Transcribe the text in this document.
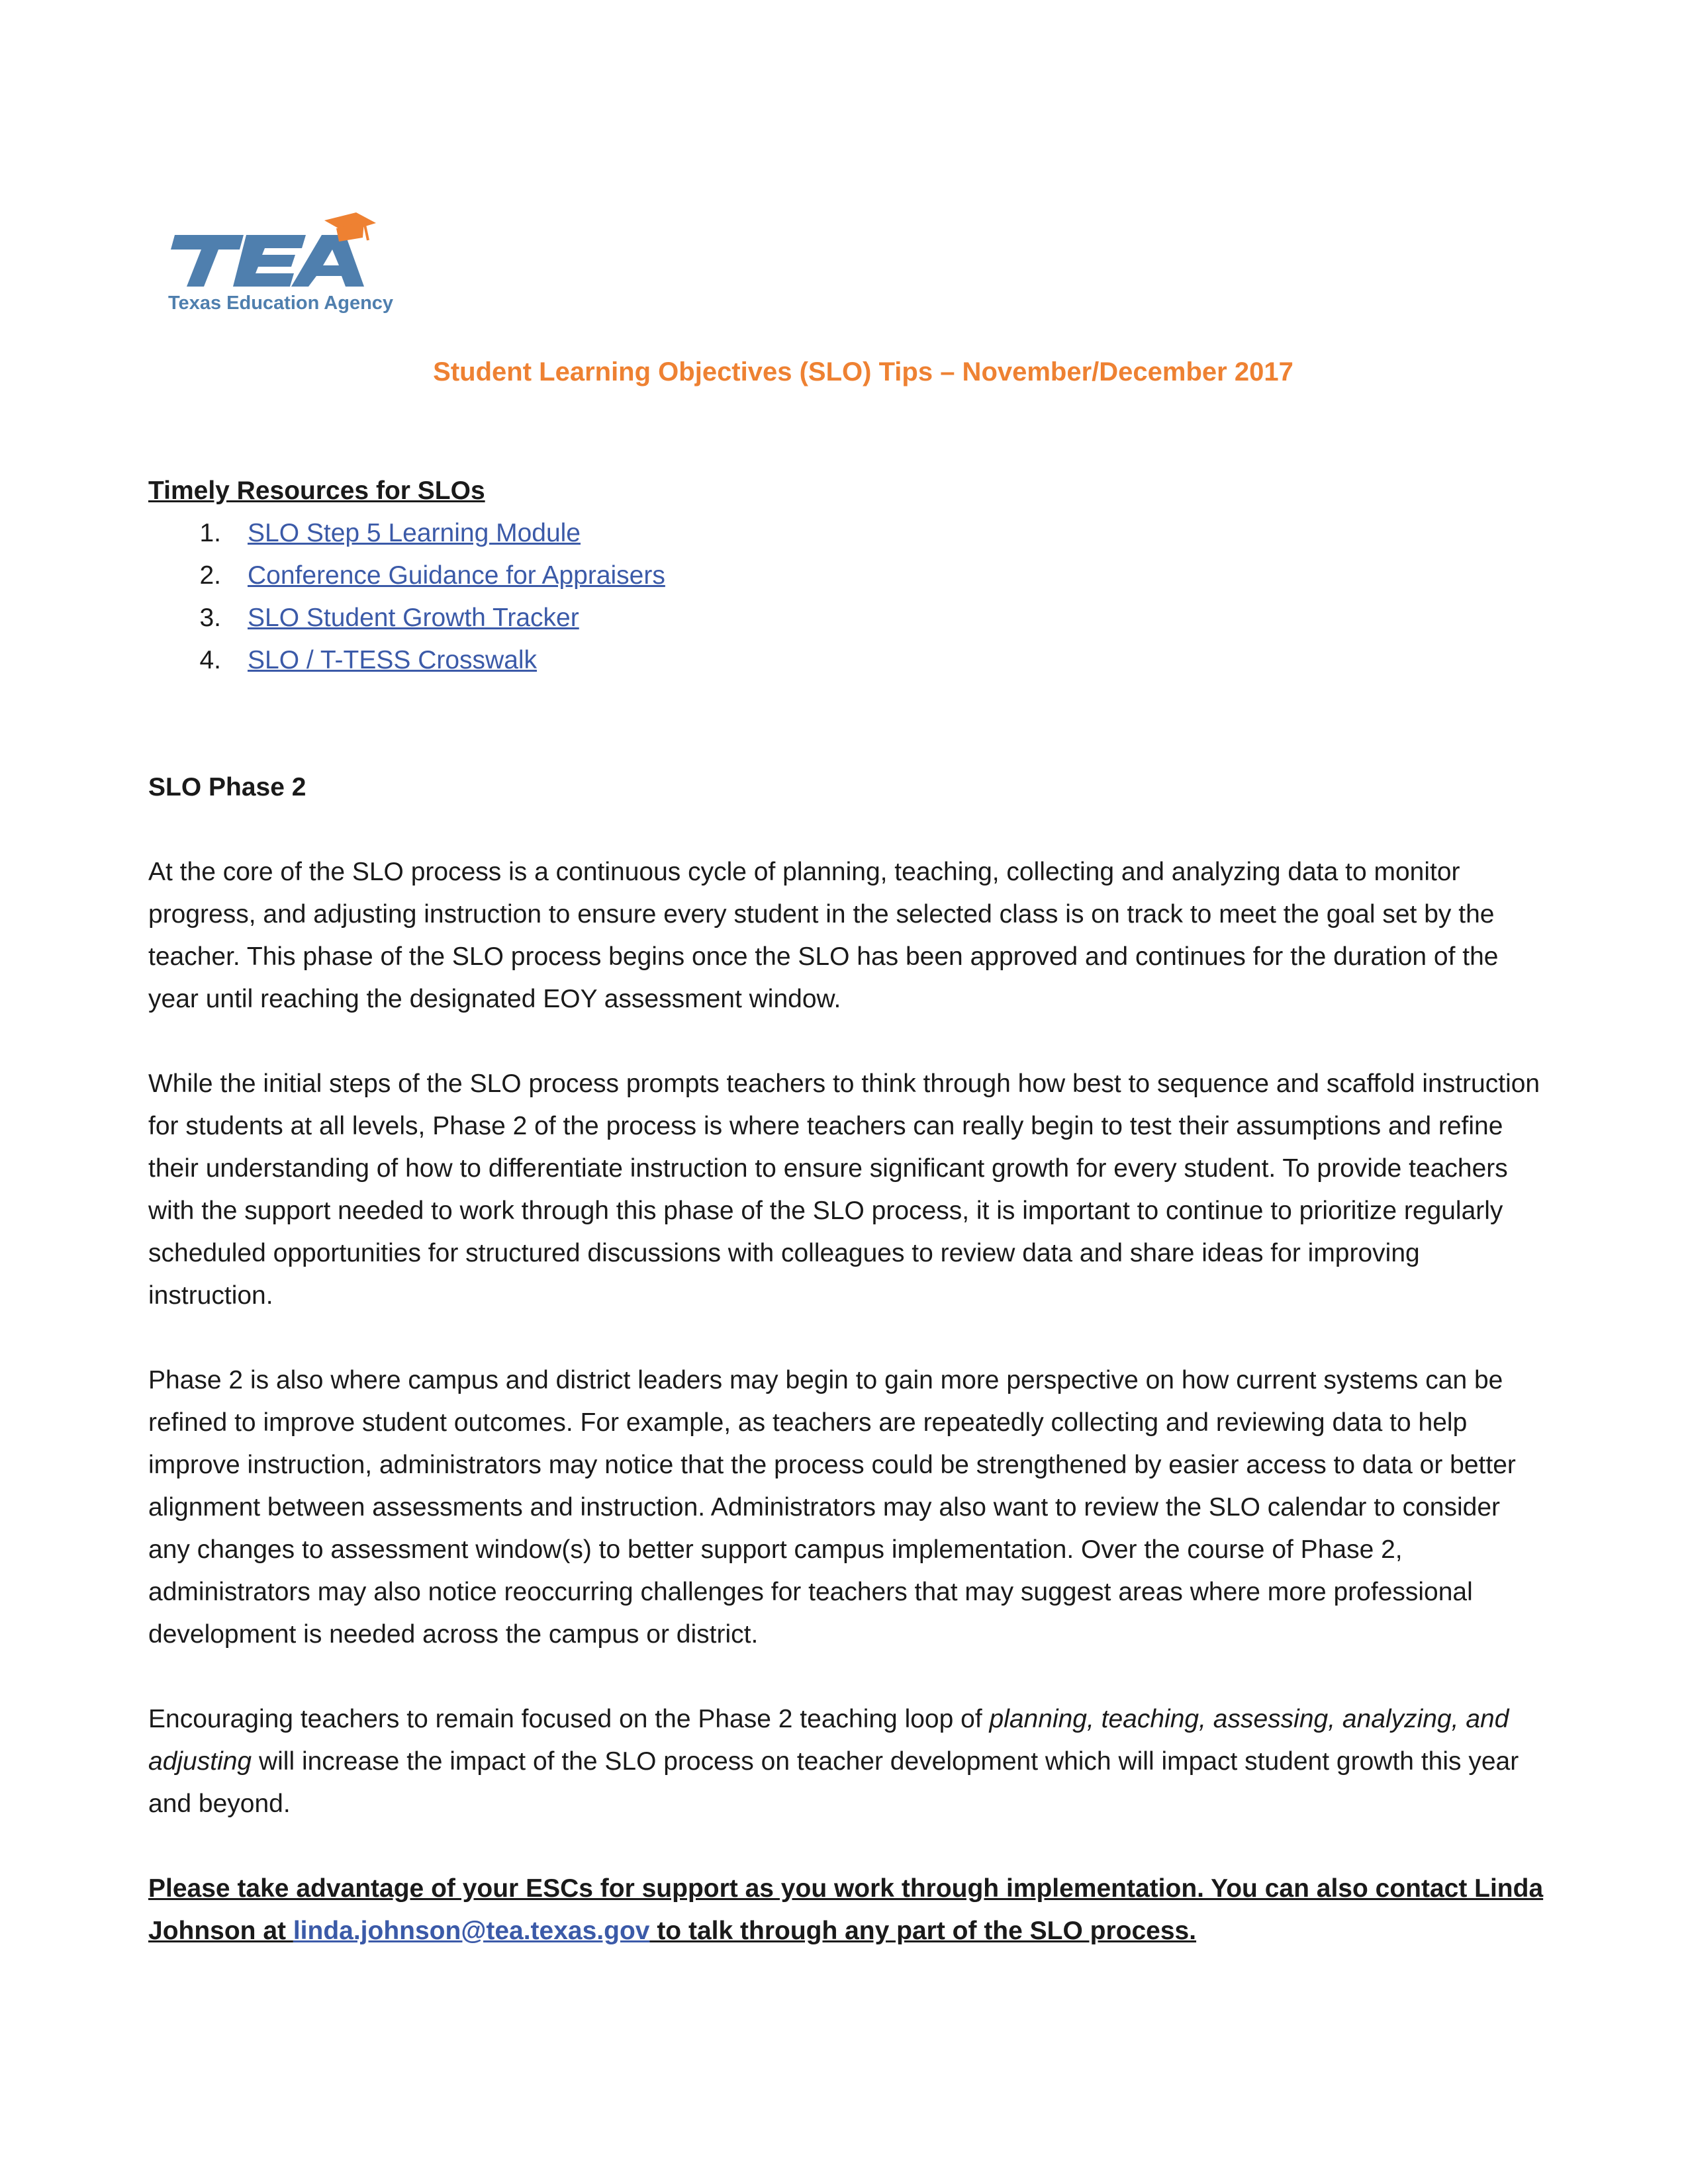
Texas Education Agency
Student Learning Objectives (SLO) Tips – November/December 2017

Timely Resources for SLOs

1.	SLO Step 5 Learning Module
2.	Conference Guidance for Appraisers
3.	SLO Student Growth Tracker
4.	SLO / T-TESS Crosswalk

SLO Phase 2

At the core of the SLO process is a continuous cycle of planning, teaching, collecting and analyzing data to monitor progress, and adjusting instruction to ensure every student in the selected class is on track to meet the goal set by the teacher. This phase of the SLO process begins once the SLO has been approved and continues for the duration of the year until reaching the designated EOY assessment window.

While the initial steps of the SLO process prompts teachers to think through how best to sequence and scaffold instruction for students at all levels, Phase 2 of the process is where teachers can really begin to test their assumptions and refine their understanding of how to differentiate instruction to ensure significant growth for every student. To provide teachers with the support needed to work through this phase of the SLO process, it is important to continue to prioritize regularly scheduled opportunities for structured discussions with colleagues to review data and share ideas for improving instruction.

Phase 2 is also where campus and district leaders may begin to gain more perspective on how current systems can be refined to improve student outcomes. For example, as teachers are repeatedly collecting and reviewing data to help improve instruction, administrators may notice that the process could be strengthened by easier access to data or better alignment between assessments and instruction. Administrators may also want to review the SLO calendar to consider any changes to assessment window(s) to better support campus implementation. Over the course of Phase 2, administrators may also notice reoccurring challenges for teachers that may suggest areas where more professional development is needed across the campus or district.

Encouraging teachers to remain focused on the Phase 2 teaching loop of planning, teaching, assessing, analyzing, and adjusting will increase the impact of the SLO process on teacher development which will impact student growth this year and beyond.

Please take advantage of your ESCs for support as you work through implementation. You can also contact Linda Johnson at linda.johnson@tea.texas.gov to talk through any part of the SLO process.
